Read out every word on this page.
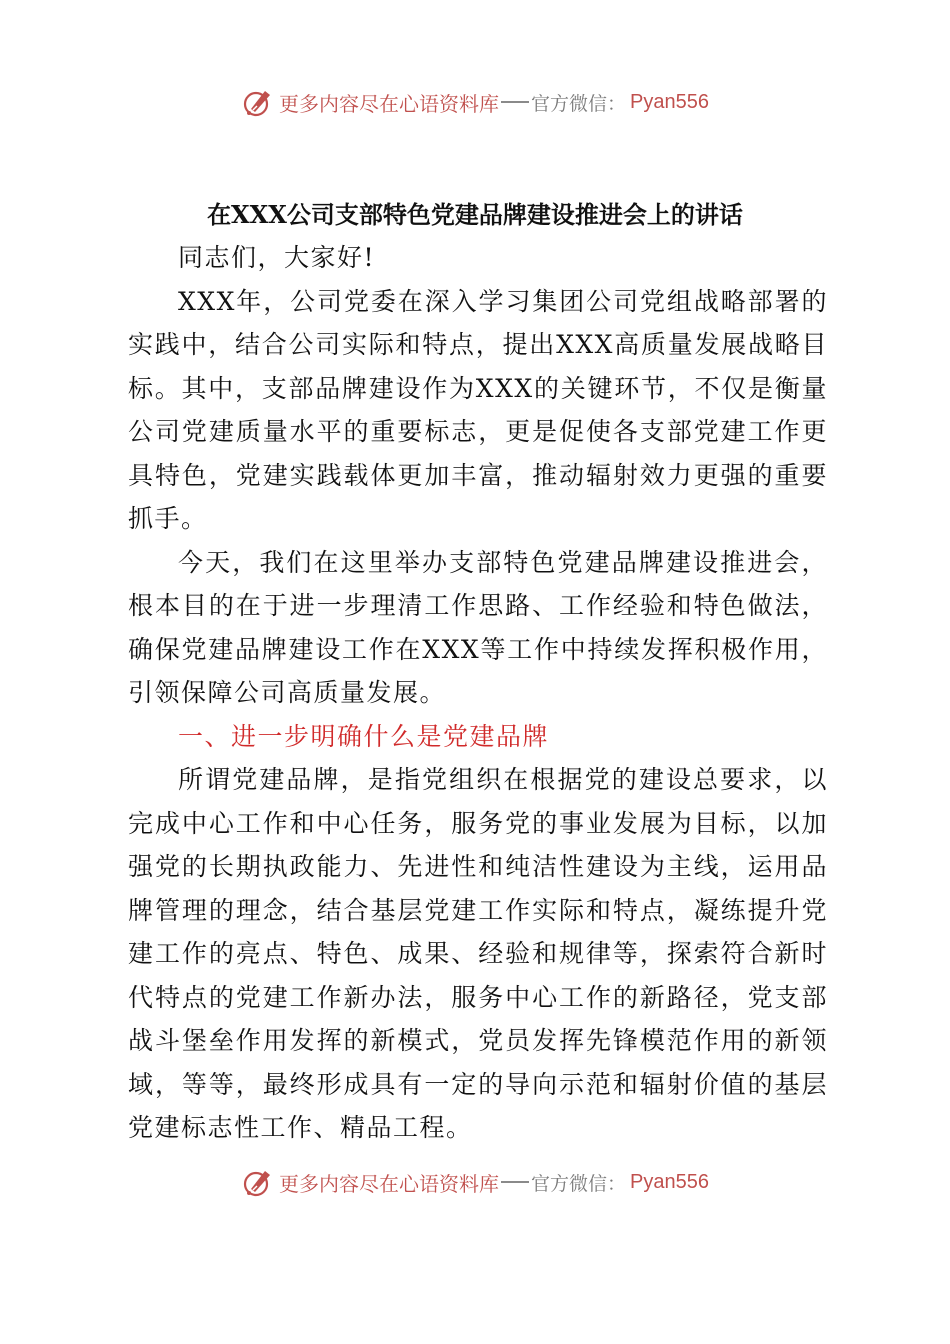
更多内容尽在心语资料库 官方微信： Pyan556
在XXX公司支部特色党建品牌建设推进会上的讲话

同志们，大家好!

XXX年，公司党委在深入学习集团公司党组战略部署的实践中，结合公司实际和特点，提出XXX高质量发展战略目标。其中，支部品牌建设作为XXX的关键环节，不仅是衡量公司党建质量水平的重要标志，更是促使各支部党建工作更具特色，党建实践载体更加丰富，推动辐射效力更强的重要抓手。

今天，我们在这里举办支部特色党建品牌建设推进会，根本目的在于进一步理清工作思路、工作经验和特色做法，确保党建品牌建设工作在XXX等工作中持续发挥积极作用，引领保障公司高质量发展。

一、进一步明确什么是党建品牌

所谓党建品牌，是指党组织在根据党的建设总要求，以完成中心工作和中心任务，服务党的事业发展为目标，以加强党的长期执政能力、先进性和纯洁性建设为主线，运用品牌管理的理念，结合基层党建工作实际和特点，凝练提升党建工作的亮点、特色、成果、经验和规律等，探索符合新时代特点的党建工作新办法，服务中心工作的新路径，党支部战斗堡垒作用发挥的新模式，党员发挥先锋模范作用的新领域，等等，最终形成具有一定的导向示范和辐射价值的基层党建标志性工作、精品工程。

更多内容尽在心语资料库 官方微信： Pyan556
